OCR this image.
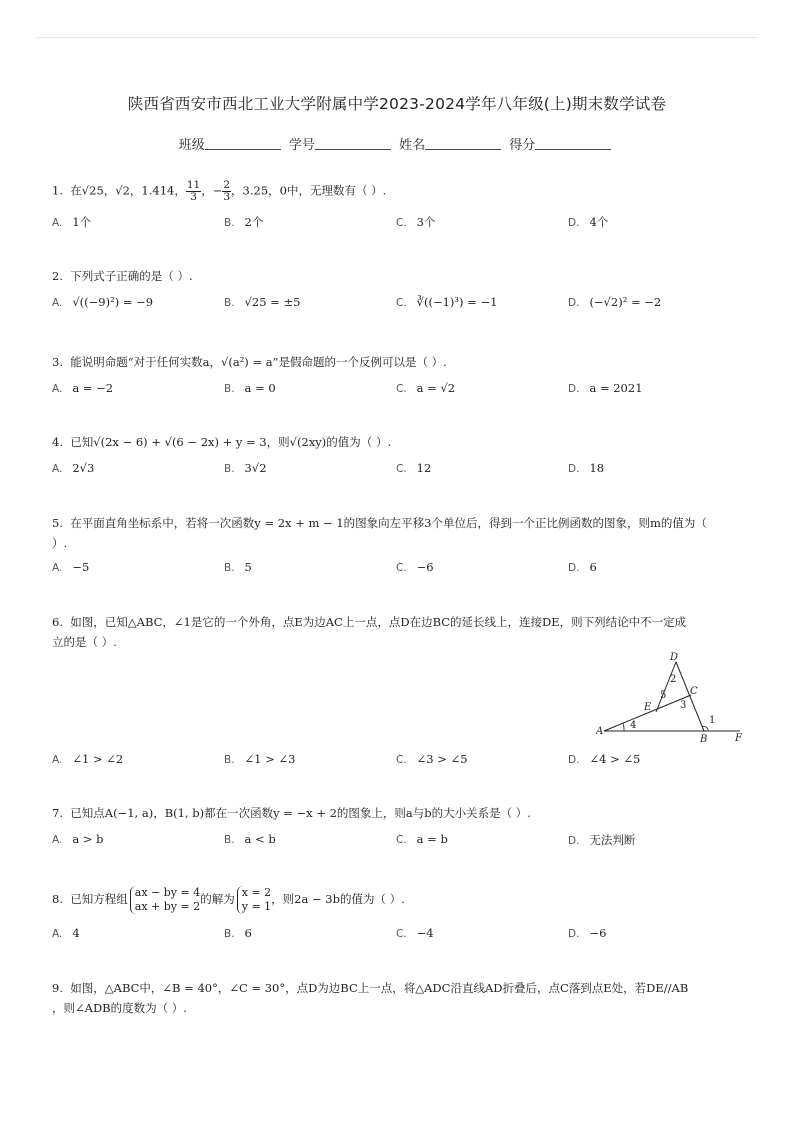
陕西省西安市西北工业大学附属中学2023-2024学年八年级(上)期末数学试卷
班级	学号	姓名	得分
1. 在√25，√2，1.414， $\frac{11}{3}$ ，− $\frac{2}{3}$ ，3.25，0中，无理数有（ ）.
A. 1个	B. 2个	C. 3个	D. 4个
2. 下列式子正确的是（ ）.
A. √((−9)²) = −9	B. √25 = ±5	C. ∛((−1)³) = −1	D. (−√2)² = −2
3. 能说明命题“对于任何实数a，√(a²) = a”是假命题的一个反例可以是（ ）.
A. a = −2	B. a = 0	C. a = √2	D. a = 2021
4. 已知√(2x − 6) + √(6 − 2x) + y = 3，则√(2xy)的值为（ ）.
A. 2√3	B. 3√2	C. 12	D. 18
5. 在平面直角坐标系中，若将一次函数y = 2x + m − 1的图象向左平移3个单位后，得到一个正比例函数的图象，则m的值为（
）.
A. −5	B. 5	C. −6	D. 6
6. 如图，已知△ABC，∠1是它的一个外角，点E为边AC上一点，点D在边BC的延长线上，连接DE，则下列结论中不一定成
立的是（ ）.
D
2
C
5
E	3
1
4
A
B	F
A. ∠1 > ∠2	B. ∠1 > ∠3	C. ∠3 > ∠5	D. ∠4 > ∠5
7. 已知点A(−1, a)，B(1, b)都在一次函数y = −x + 2的图象上，则a与b的大小关系是（ ）.
A. a > b	B. a < b	C. a = b	D. 无法判断
8. 已知方程组 ax − by = 4
ax + by = 2
的解为 x = 2
y = 1
，则2a − 3b的值为（ ）.
A. 4	B. 6	C. −4	D. −6
9. 如图，△ABC中，∠B = 40°，∠C = 30°，点D为边BC上一点，将△ADC沿直线AD折叠后，点C落到点E处，若DE//AB
，则∠ADB的度数为（ ）.
